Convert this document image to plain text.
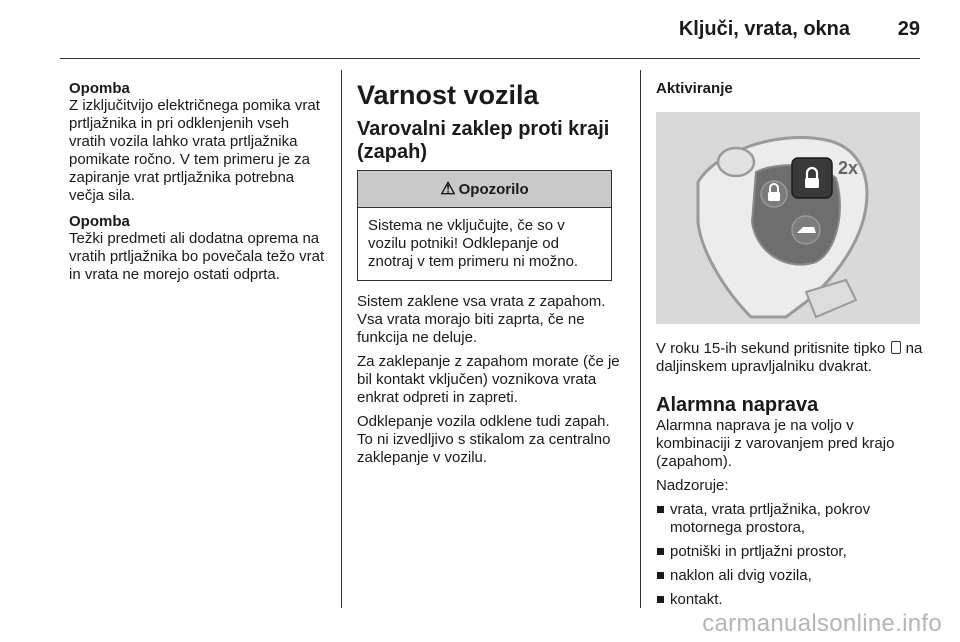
Ključi, vrata, okna 29

Opomba

Z izključitvijo električnega pomika vrat prtljažnika in pri odklenjenih vseh vratih vozila lahko vrata prtljažnika pomikate ročno. V tem primeru je za zapiranje vrat prtljažnika potrebna večja sila.

Opomba

Težki predmeti ali dodatna oprema na vratih prtljažnika bo povečala težo vrat in vrata ne morejo ostati odprta.

Varnost vozila

Varovalni zaklep proti kraji (zapah)

⚠ Opozorilo
Sistema ne vključujte, če so v vozilu potniki! Odklepanje od znotraj v tem primeru ni možno.

Sistem zaklene vsa vrata z zapahom. Vsa vrata morajo biti zaprta, če ne funkcija ne deluje.

Za zaklepanje z zapahom morate (če je bil kontakt vključen) voznikova vrata enkrat odpreti in zapreti.

Odklepanje vozila odklene tudi zapah. To ni izvedljivo s stikalom za centralno zaklepanje v vozilu.

Aktiviranje

2x

V roku 15-ih sekund pritisnite tipko na daljinskem upravljalniku dvakrat.

Alarmna naprava

Alarmna naprava je na voljo v kombinaciji z varovanjem pred krajo (zapahom).

Nadzoruje:

vrata, vrata prtljažnika, pokrov motornega prostora,
potniški in prtljažni prostor,
naklon ali dvig vozila,
kontakt.
carmanualsonline.info
